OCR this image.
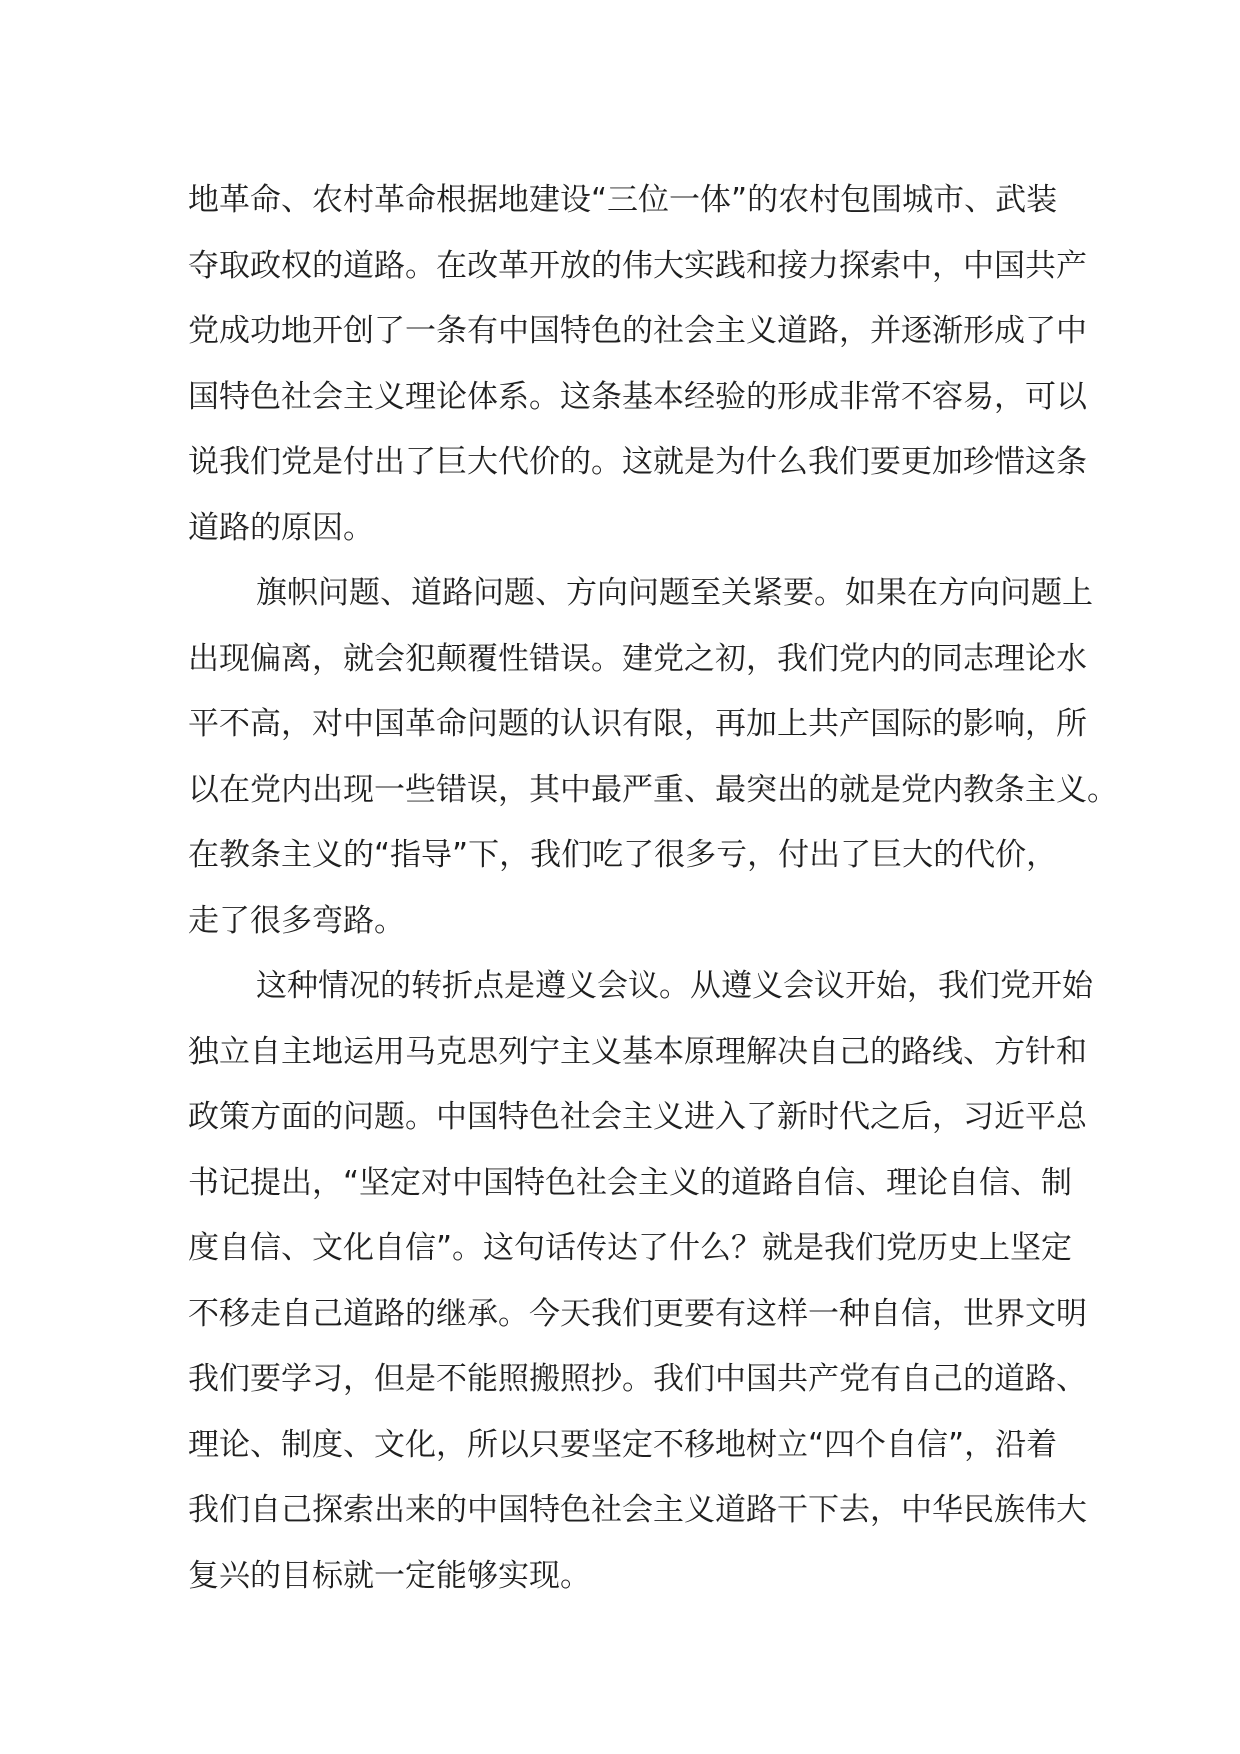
地革命、农村革命根据地建设“三位一体”的农村包围城市、武装
夺取政权的道路。在改革开放的伟大实践和接力探索中，中国共产
党成功地开创了一条有中国特色的社会主义道路，并逐渐形成了中
国特色社会主义理论体系。这条基本经验的形成非常不容易，可以
说我们党是付出了巨大代价的。这就是为什么我们要更加珍惜这条
道路的原因。
旗帜问题、道路问题、方向问题至关紧要。如果在方向问题上
出现偏离，就会犯颠覆性错误。建党之初，我们党内的同志理论水
平不高，对中国革命问题的认识有限，再加上共产国际的影响，所
以在党内出现一些错误，其中最严重、最突出的就是党内教条主义。
在教条主义的“指导”下，我们吃了很多亏，付出了巨大的代价，
走了很多弯路。
这种情况的转折点是遵义会议。从遵义会议开始，我们党开始
独立自主地运用马克思列宁主义基本原理解决自己的路线、方针和
政策方面的问题。中国特色社会主义进入了新时代之后，习近平总
书记提出，“坚定对中国特色社会主义的道路自信、理论自信、制
度自信、文化自信”。这句话传达了什么？就是我们党历史上坚定
不移走自己道路的继承。今天我们更要有这样一种自信，世界文明
我们要学习，但是不能照搬照抄。我们中国共产党有自己的道路、
理论、制度、文化，所以只要坚定不移地树立“四个自信”，沿着
我们自己探索出来的中国特色社会主义道路干下去，中华民族伟大
复兴的目标就一定能够实现。
